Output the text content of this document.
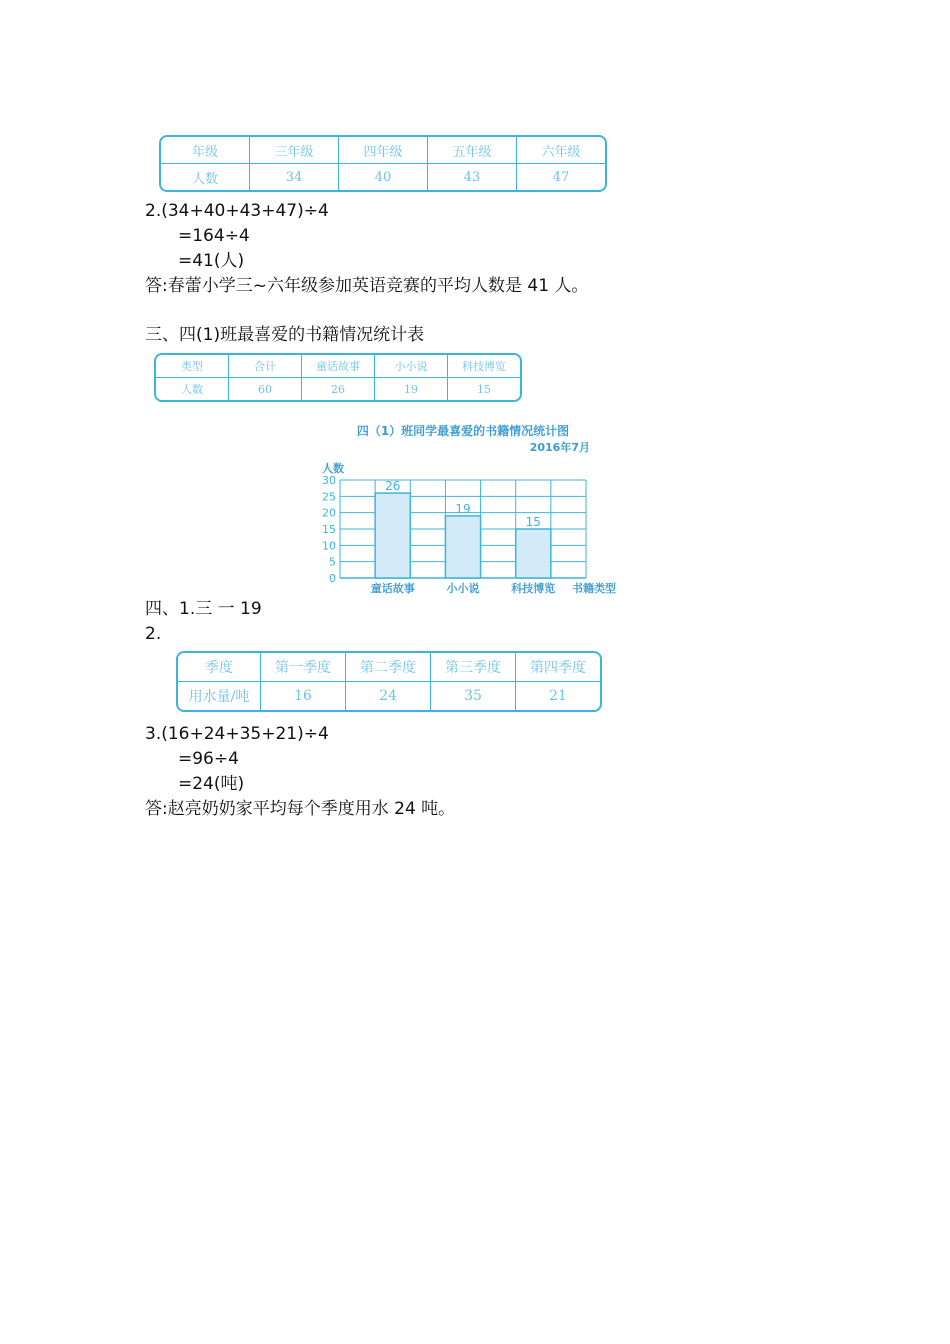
年级	三年级	四年级	五年级	六年级
人数	34	40	43	47
2.(34+40+43+47)÷4
=164÷4
=41(人)
答:春蕾小学三~六年级参加英语竞赛的平均人数是 41 人。
三、四(1)班最喜爱的书籍情况统计表
类型	合计	童话故事	小小说	科技博览
人数	60	26	19	15
四（1）班同学最喜爱的书籍情况统计图
2016年7月
人数
书籍类型
0
5
10
15
20
25
30	26
19
15
童话故事	小小说	科技博览
四、1.三 一 19
2.
季度	第一季度	第二季度	第三季度	第四季度
用水量/吨	16	24	35	21
3.(16+24+35+21)÷4
=96÷4
=24(吨)
答:赵亮奶奶家平均每个季度用水 24 吨。
